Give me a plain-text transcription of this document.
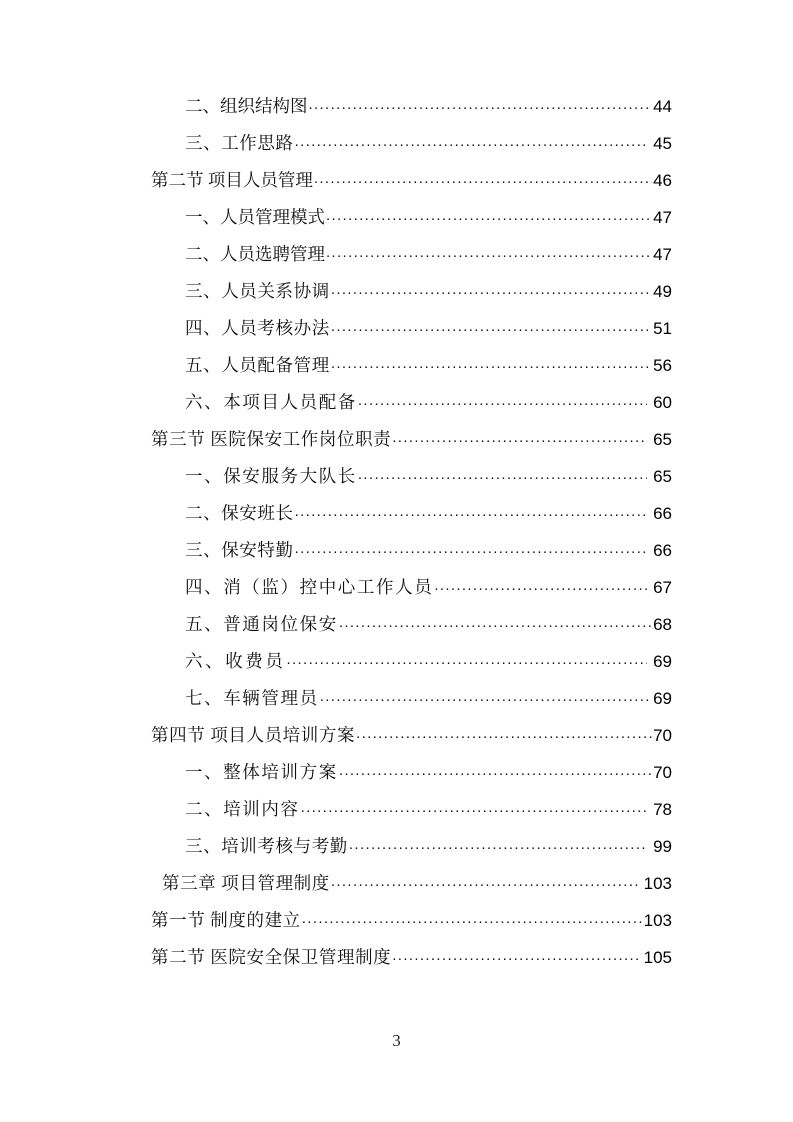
二、组织结构图 .....	44
三、工作思路 .....	45
第二节 项目人员管理 .....	46
一、人员管理模式 .....	47
二、人员选聘管理 .....	47
三、人员关系协调 .....	49
四、人员考核办法 .....	51
五、人员配备管理 .....	56
六、本项目人员配备 .....	60
第三节 医院保安工作岗位职责 .....	65
一、保安服务大队长 .....	65
二、保安班长 .....	66
三、保安特勤 .....	66
四、消（监）控中心工作人员 .....	67
五、普通岗位保安 .....	68
六、收费员 .....	69
七、车辆管理员 .....	69
第四节 项目人员培训方案 .....	70
一、整体培训方案 .....	70
二、培训内容 .....	78
三、培训考核与考勤 .....	99
第三章 项目管理制度 .....	103
第一节 制度的建立 .....	103
第二节 医院安全保卫管理制度 .....	105
3
